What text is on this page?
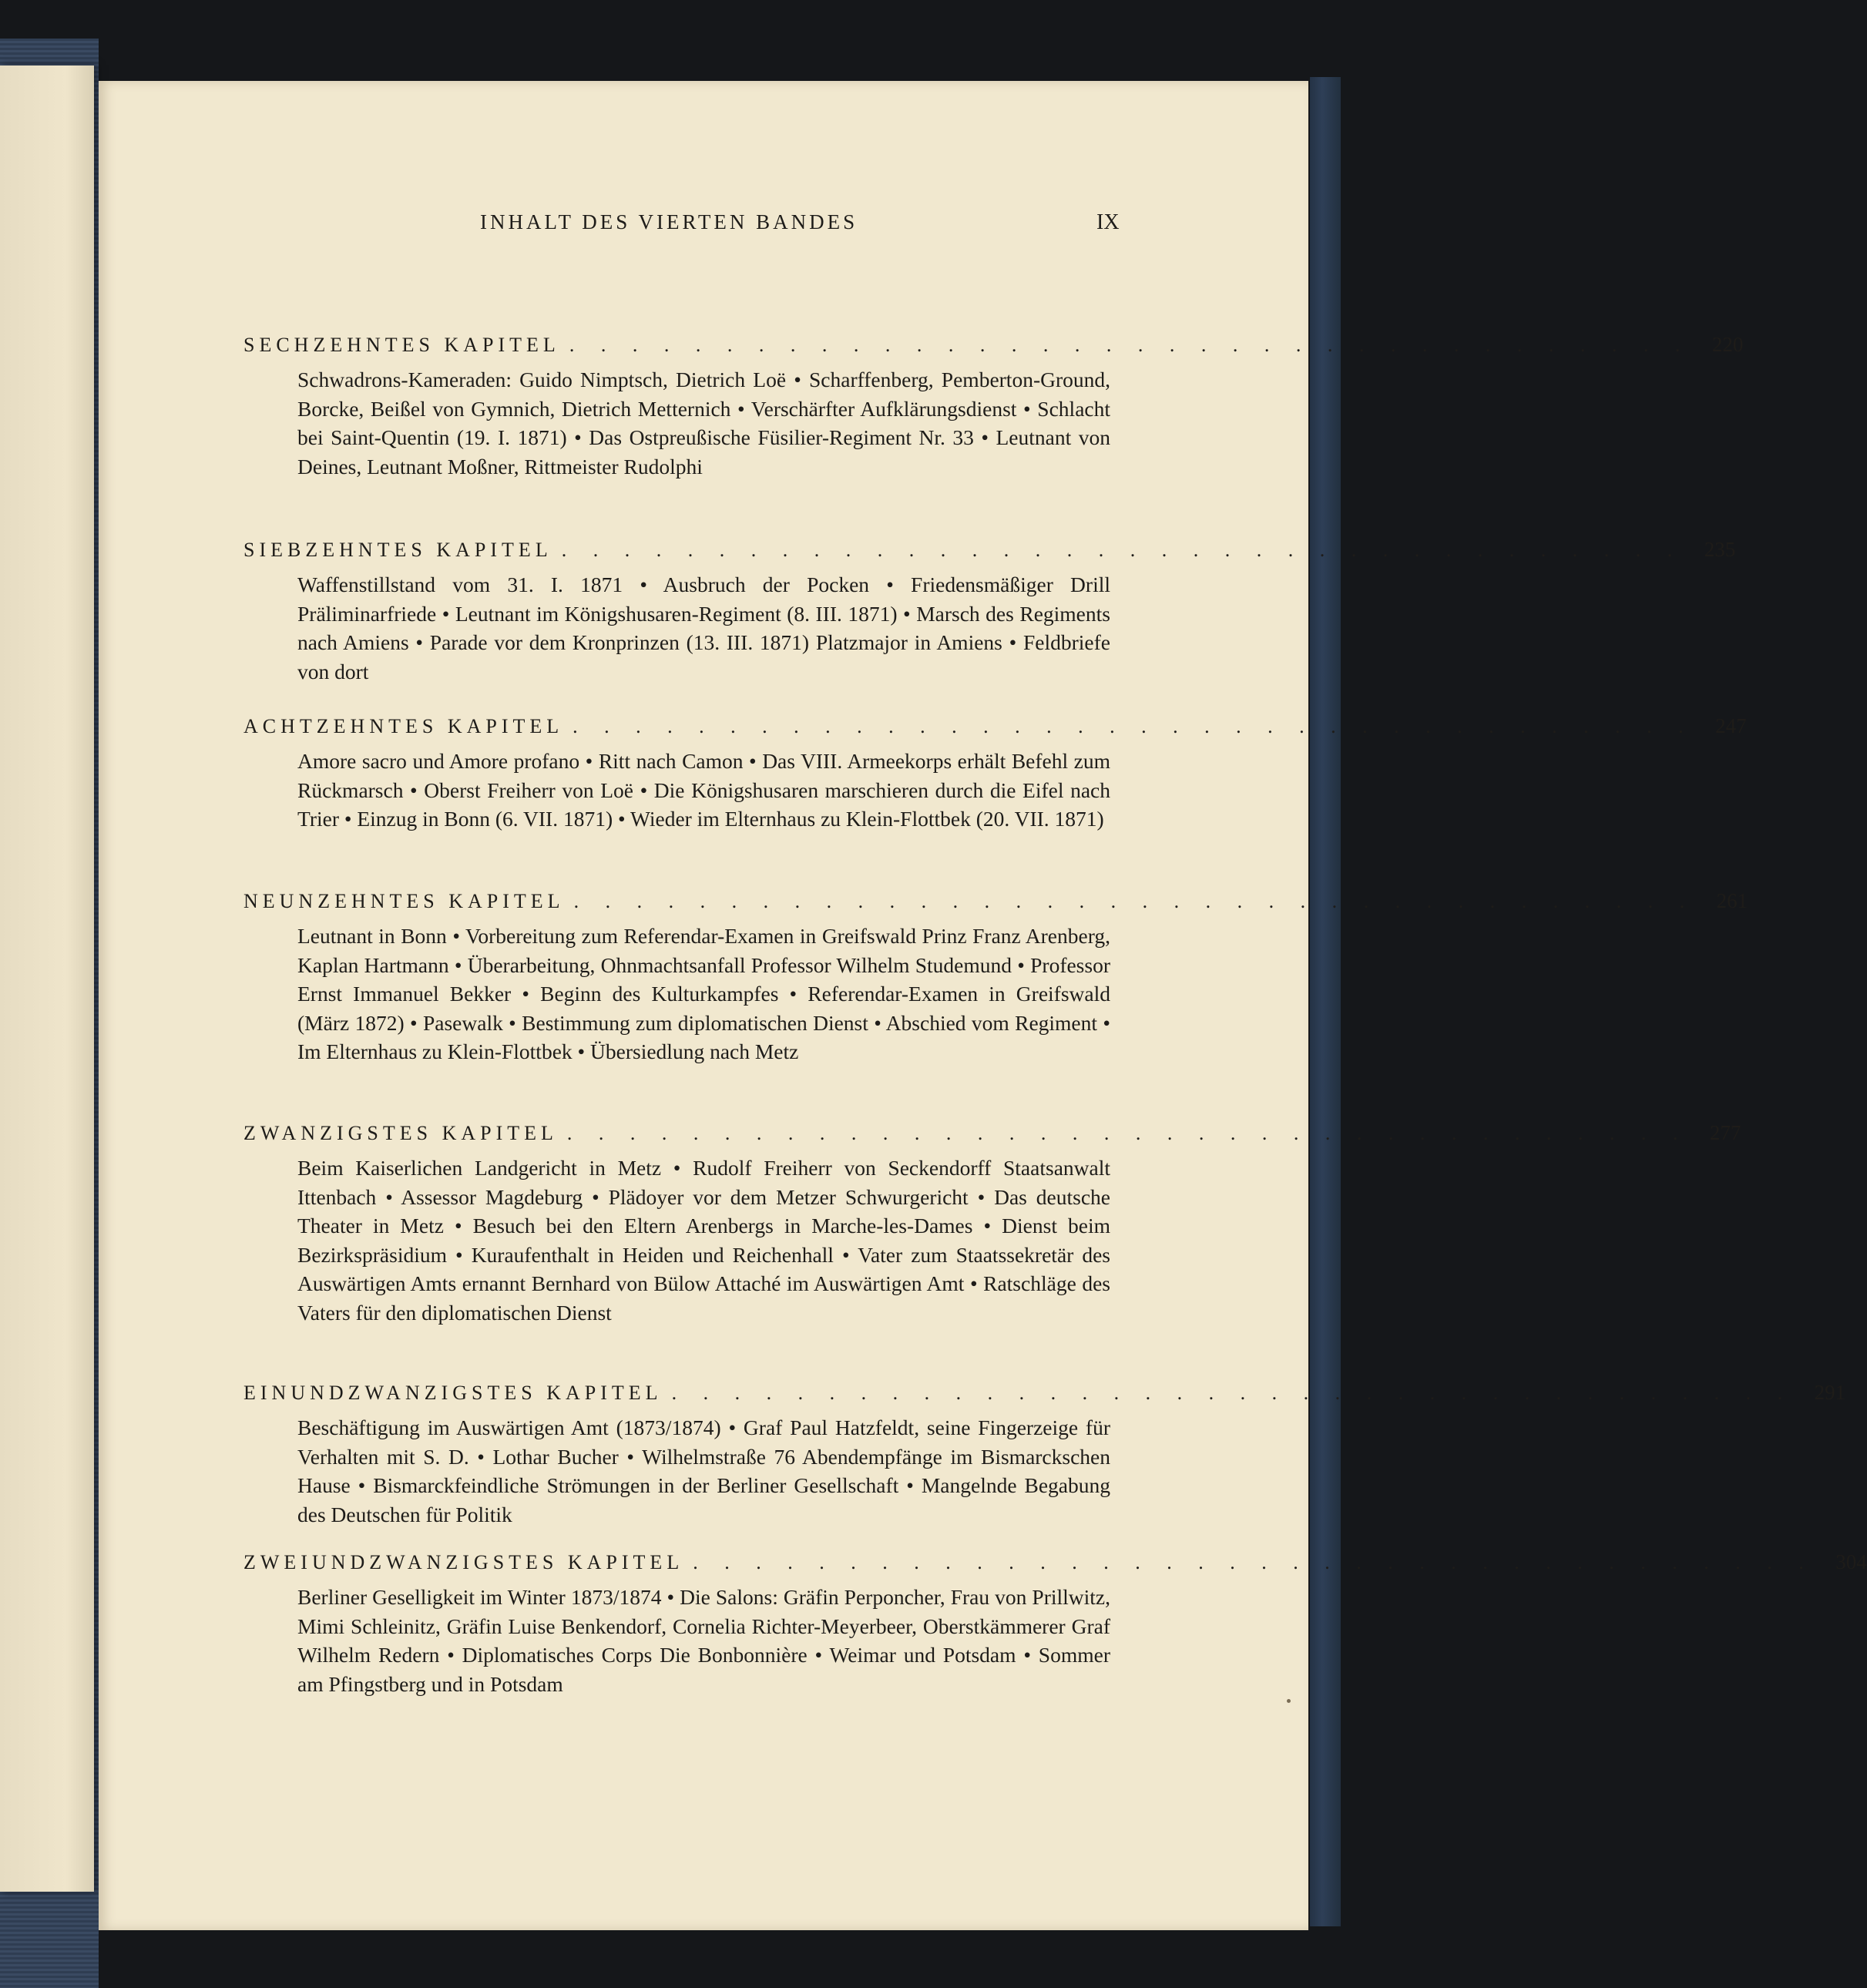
INHALT DES VIERTEN BANDES	IX
SECHZEHNTES KAPITEL . . . . . . . . . . . . . . . . . . . . . . . . . . . . . . . . . . . . 220
Schwadrons-Kameraden: Guido Nimptsch, Dietrich Loë • Scharffenberg, Pemberton-Ground, Borcke, Beißel von Gymnich, Dietrich Metternich • Verschärfter Aufklärungsdienst • Schlacht bei Saint-Quentin (19. I. 1871) • Das Ostpreußische Füsilier-Regiment Nr. 33 • Leutnant von Deines, Leutnant Moßner, Rittmeister Rudolphi
SIEBZEHNTES KAPITEL . . . . . . . . . . . . . . . . . . . . . . . . . . . . . . . . . . . . 235
Waffenstillstand vom 31. I. 1871 • Ausbruch der Pocken • Friedensmäßiger Drill Präliminarfriede • Leutnant im Königshusaren-Regiment (8. III. 1871) • Marsch des Regiments nach Amiens • Parade vor dem Kronprinzen (13. III. 1871) Platzmajor in Amiens • Feldbriefe von dort
ACHTZEHNTES KAPITEL . . . . . . . . . . . . . . . . . . . . . . . . . . . . . . . . . . . . 247
Amore sacro und Amore profano • Ritt nach Camon • Das VIII. Armeekorps erhält Befehl zum Rückmarsch • Oberst Freiherr von Loë • Die Königshusaren marschieren durch die Eifel nach Trier • Einzug in Bonn (6. VII. 1871) • Wieder im Elternhaus zu Klein-Flottbek (20. VII. 1871)
NEUNZEHNTES KAPITEL . . . . . . . . . . . . . . . . . . . . . . . . . . . . . . . . . . . . 261
Leutnant in Bonn • Vorbereitung zum Referendar-Examen in Greifswald Prinz Franz Arenberg, Kaplan Hartmann • Überarbeitung, Ohnmachtsanfall Professor Wilhelm Studemund • Professor Ernst Immanuel Bekker • Beginn des Kulturkampfes • Referendar-Examen in Greifswald (März 1872) • Pasewalk • Bestimmung zum diplomatischen Dienst • Abschied vom Regiment • Im Elternhaus zu Klein-Flottbek • Übersiedlung nach Metz
ZWANZIGSTES KAPITEL . . . . . . . . . . . . . . . . . . . . . . . . . . . . . . . . . . . . 277
Beim Kaiserlichen Landgericht in Metz • Rudolf Freiherr von Seckendorff Staatsanwalt Ittenbach • Assessor Magdeburg • Plädoyer vor dem Metzer Schwurgericht • Das deutsche Theater in Metz • Besuch bei den Eltern Arenbergs in Marche-les-Dames • Dienst beim Bezirkspräsidium • Kuraufenthalt in Heiden und Reichenhall • Vater zum Staatssekretär des Auswärtigen Amts ernannt Bernhard von Bülow Attaché im Auswärtigen Amt • Ratschläge des Vaters für den diplomatischen Dienst
EINUNDZWANZIGSTES KAPITEL . . . . . . . . . . . . . . . . . . . . . . . . . . . . . . . . . . . . 291
Beschäftigung im Auswärtigen Amt (1873/1874) • Graf Paul Hatzfeldt, seine Fingerzeige für Verhalten mit S. D. • Lothar Bucher • Wilhelmstraße 76 Abendempfänge im Bismarckschen Hause • Bismarckfeindliche Strömungen in der Berliner Gesellschaft • Mangelnde Begabung des Deutschen für Politik
ZWEIUNDZWANZIGSTES KAPITEL . . . . . . . . . . . . . . . . . . . . . . . . . . . . . . . . . . . . 304
Berliner Geselligkeit im Winter 1873/1874 • Die Salons: Gräfin Perponcher, Frau von Prillwitz, Mimi Schleinitz, Gräfin Luise Benkendorf, Cornelia Richter-Meyerbeer, Oberstkämmerer Graf Wilhelm Redern • Diplomatisches Corps Die Bonbonnière • Weimar und Potsdam • Sommer am Pfingstberg und in Potsdam
